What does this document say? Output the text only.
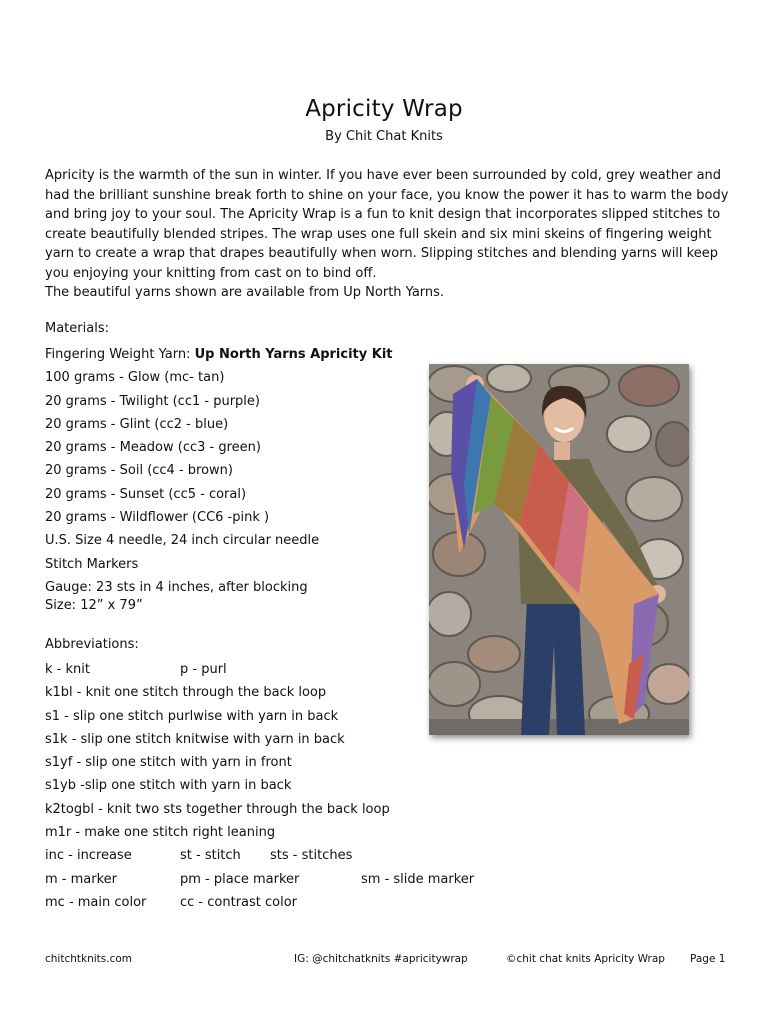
Apricity Wrap
By Chit Chat Knits

Apricity is the warmth of the sun in winter. If you have ever been surrounded by cold, grey weather and had the brilliant sunshine break forth to shine on your face, you know the power it has to warm the body and bring joy to your soul. The Apricity Wrap is a fun to knit design that incorporates slipped stitches to create beautifully blended stripes. The wrap uses one full skein and six mini skeins of fingering weight yarn to create a wrap that drapes beautifully when worn. Slipping stitches and blending yarns will keep you enjoying your knitting from cast on to bind off.

The beautiful yarns shown are available from Up North Yarns.

Materials:
Fingering Weight Yarn: Up North Yarns Apricity Kit
100 grams - Glow (mc- tan)
20 grams - Twilight (cc1 - purple)
20 grams - Glint (cc2 - blue)
20 grams - Meadow (cc3 - green)
20 grams - Soil (cc4 - brown)
20 grams - Sunset (cc5 - coral)
20 grams - Wildflower (CC6 -pink )
U.S. Size 4 needle, 24 inch circular needle
Stitch Markers
Gauge: 23 sts in 4 inches, after blocking
Size: 12” x 79”
Abbreviations:
k - knit	p - purl
k1bl - knit one stitch through the back loop
s1 - slip one stitch purlwise with yarn in back
s1k - slip one stitch knitwise with yarn in back
s1yf - slip one stitch with yarn in front
s1yb -slip one stitch with yarn in back
k2togbl - knit two sts together through the back loop
m1r - make one stitch right leaning
inc - increase	st - stitch sts - stitches
m - marker	pm - place marker	sm - slide marker
mc - main color	cc - contrast color
chitchtknits.com	IG: @chitchatknits #apricitywrap	©chit chat knits Apricity Wrap Page 1
